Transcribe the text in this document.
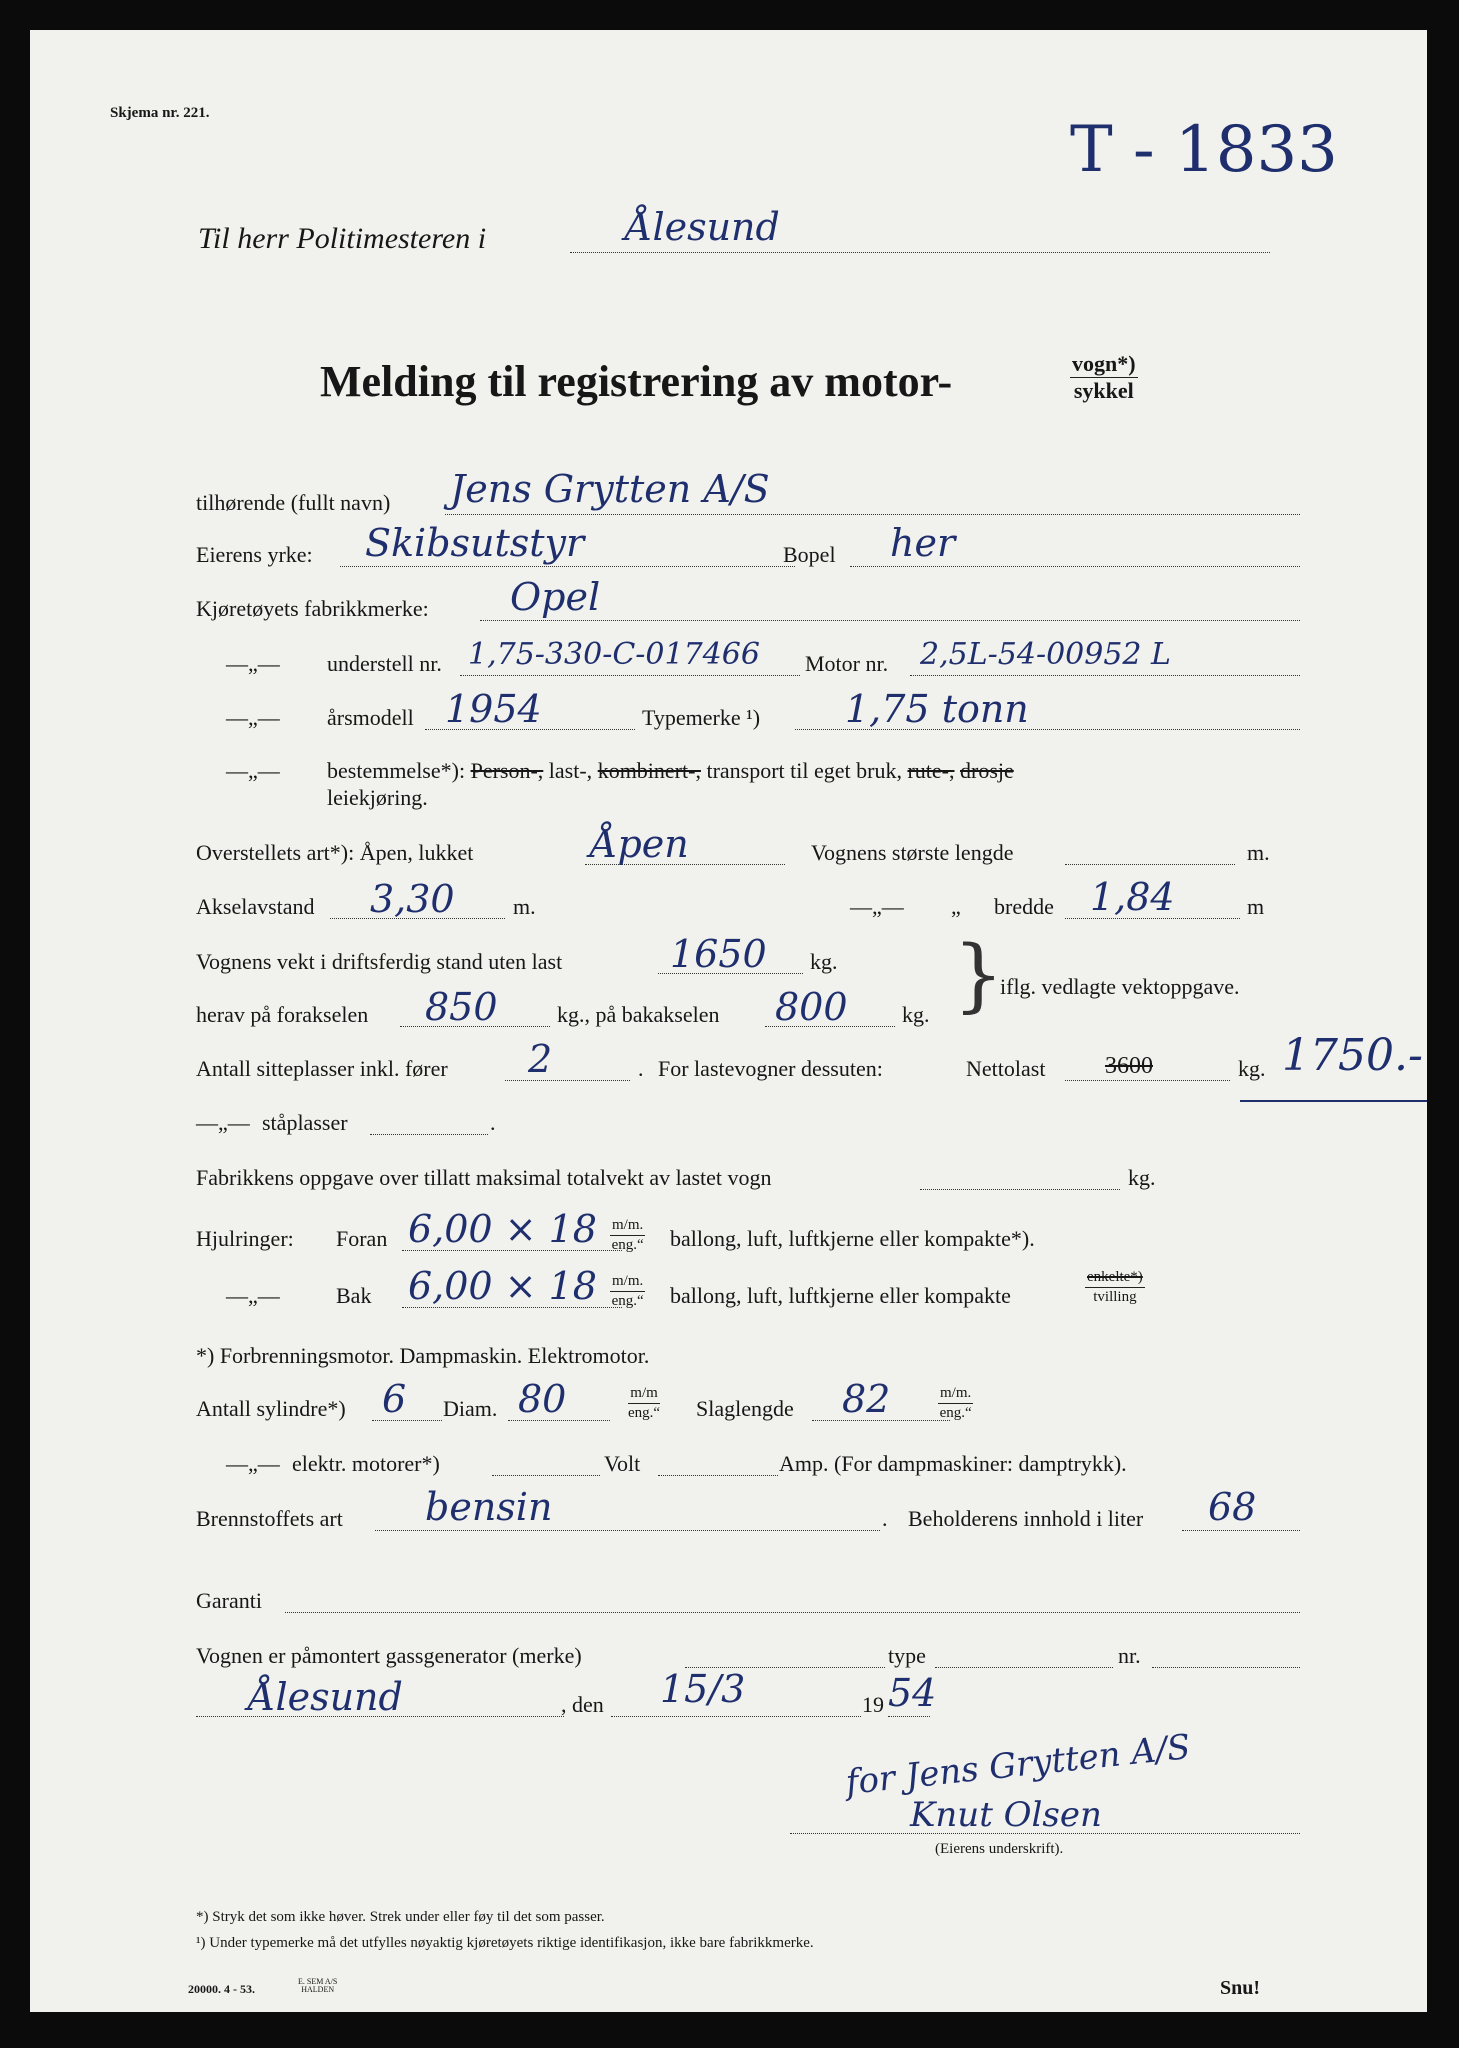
Skjema nr. 221.	T - 1833
Til herr Politimesteren i	Ålesund
Melding til registrering av motor-	vogn*)
sykkel
tilhørende (fullt navn) Jens Grytten A/S
Eierens yrke: Skibsutstyr	Bopel her
Kjøretøyets fabrikkmerke: Opel
—„— understell nr. 1,75-330-C-017466 Motor nr. 2,5L-54-00952 L
—„— årsmodell 1954	Typemerke ¹) 1,75 tonn
—„— bestemmelse*): Person-, last-, kombinert-, transport til eget bruk, rute-, drosje
leiekjøring.
Overstellets art*): Åpen, lukket	Åpen	Vognens største lengde	m.
Akselavstand 3,30	m.	—„— „ bredde 1,84	m
Vognens vekt i driftsferdig stand uten last	1650 kg.
herav på forakselen 850	kg., på bakakselen 800 kg. }
iflg. vedlagte vektoppgave.
Antall sitteplasser inkl. fører 2	. For lastevogner dessuten:	Nettolast 3600	kg. 1750.-
—„— ståplasser	.
Fabrikkens oppgave over tillatt maksimal totalvekt av lastet vogn	kg.
Hjulringer: Foran 6,00 × 18 m/m.
eng.“ ballong, luft, luftkjerne eller kompakte*).
—„—	Bak 6,00 × 18 m/m.
eng.“ ballong, luft, luftkjerne eller kompakte
enkelte*)
tvilling
*) Forbrenningsmotor. Dampmaskin. Elektromotor.
Antall sylindre*) 6 Diam. 80	m/m
eng.“ Slaglengde 82	m/m.
eng.“
—„— elektr. motorer*)	Volt	Amp. (For dampmaskiner: damptrykk).
Brennstoffets art bensin	. Beholderens innhold i liter 68
Garanti
Vognen er påmontert gassgenerator (merke)	type	nr.
Ålesund	, den 15/3	19 54
for Jens Grytten A/S
Knut Olsen
(Eierens underskrift).
*) Stryk det som ikke høver. Strek under eller føy til det som passer.
¹) Under typemerke må det utfylles nøyaktig kjøretøyets riktige identifikasjon, ikke bare fabrikkmerke.
20000. 4 - 53.
E. SEM A/S
HALDEN	Snu!
